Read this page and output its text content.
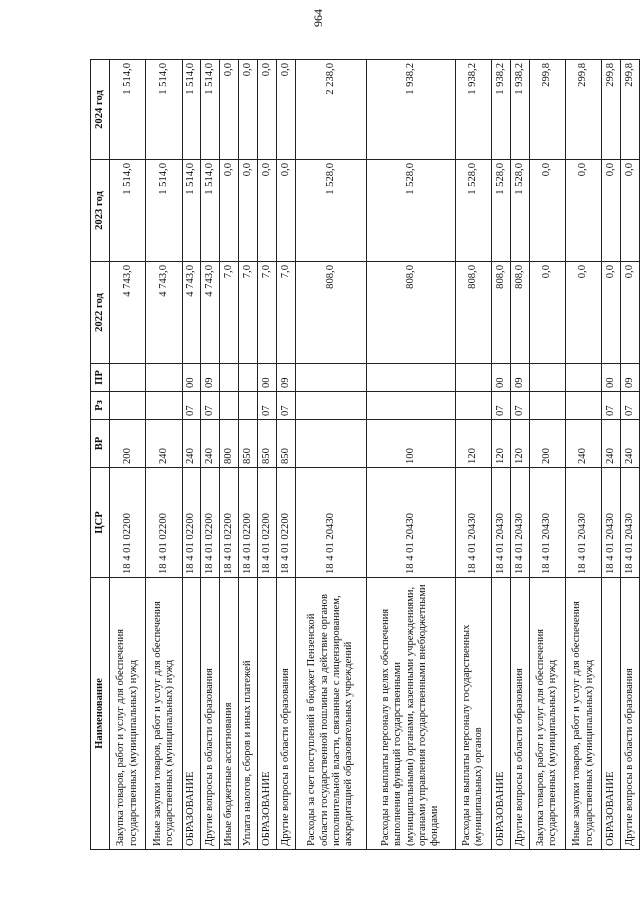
964
Наименование	ЦСР	ВР	Рз	ПР	2022 год	2023 год	2024 год
Закупка товаров, работ и услуг для обеспечения государственных (муниципальных) нужд	18 4 01 02200	200			4 743,0	1 514,0	1 514,0
Иные закупки товаров, работ и услуг для обеспечения государственных (муниципальных) нужд	18 4 01 02200	240			4 743,0	1 514,0	1 514,0
ОБРАЗОВАНИЕ	18 4 01 02200	240	07	00	4 743,0	1 514,0	1 514,0
Другие вопросы в области образования	18 4 01 02200	240	07	09	4 743,0	1 514,0	1 514,0
Иные бюджетные ассигнования	18 4 01 02200	800			7,0	0,0	0,0
Уплата налогов, сборов и иных платежей	18 4 01 02200	850			7,0	0,0	0,0
ОБРАЗОВАНИЕ	18 4 01 02200	850	07	00	7,0	0,0	0,0
Другие вопросы в области образования	18 4 01 02200	850	07	09	7,0	0,0	0,0
Расходы за счет поступлений в бюджет Пензенской области государственной пошлины за действие органов исполнительной власти, связанные с лицензированием, аккредитацией образовательных учреждений	18 4 01 20430				808,0	1 528,0	2 238,0
Расходы на выплаты персоналу в целях обеспечения выполнения функций государственными (муниципальными) органами, казенными учреждениями, органами управления государственными внебюджетными фондами	18 4 01 20430	100			808,0	1 528,0	1 938,2
Расходы на выплаты персоналу государственных (муниципальных) органов	18 4 01 20430	120			808,0	1 528,0	1 938,2
ОБРАЗОВАНИЕ	18 4 01 20430	120	07	00	808,0	1 528,0	1 938,2
Другие вопросы в области образования	18 4 01 20430	120	07	09	808,0	1 528,0	1 938,2
Закупка товаров, работ и услуг для обеспечения государственных (муниципальных) нужд	18 4 01 20430	200			0,0	0,0	299,8
Иные закупки товаров, работ и услуг для обеспечения государственных (муниципальных) нужд	18 4 01 20430	240			0,0	0,0	299,8
ОБРАЗОВАНИЕ	18 4 01 20430	240	07	00	0,0	0,0	299,8
Другие вопросы в области образования	18 4 01 20430	240	07	09	0,0	0,0	299,8
